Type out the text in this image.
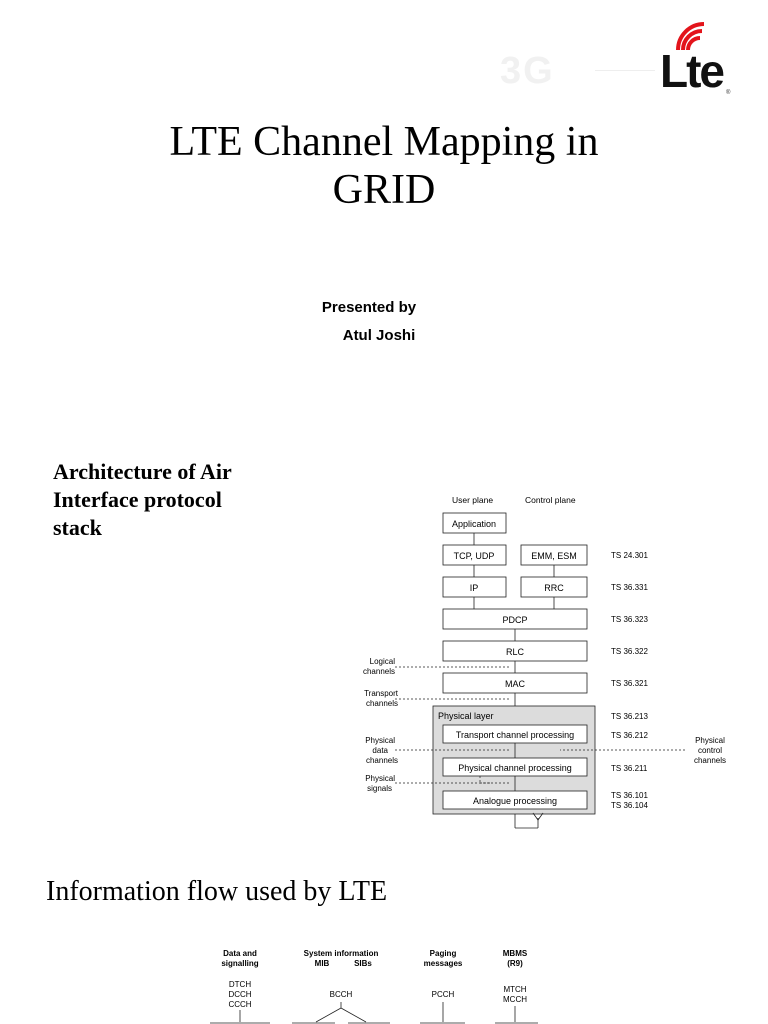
3G Lte ®
LTE Channel Mapping in
GRID
Presented by
Atul Joshi
Architecture of Air
Interface protocol
stack
User plane	Control plane
Application
TCP, UDP	EMM, ESM
IP	RRC
PDCP
RLC
MAC
Transport channel processing
Physical channel processing
Analogue processing
Physical layer
Logical
channels
Transport
channels
Physical
data
channels
Physical
signals
Physical
control
channels
TS 24.301
TS 36.331
TS 36.323
TS 36.322
TS 36.321
TS 36.213
TS 36.212
TS 36.211
TS 36.101
TS 36.104
Information flow used by LTE
Data and
signalling
System information
MIB	SIBs
Paging
messages
MBMS
(R9)
DTCH
DCCH
CCCH
BCCH	PCCH
MTCH
MCCH
